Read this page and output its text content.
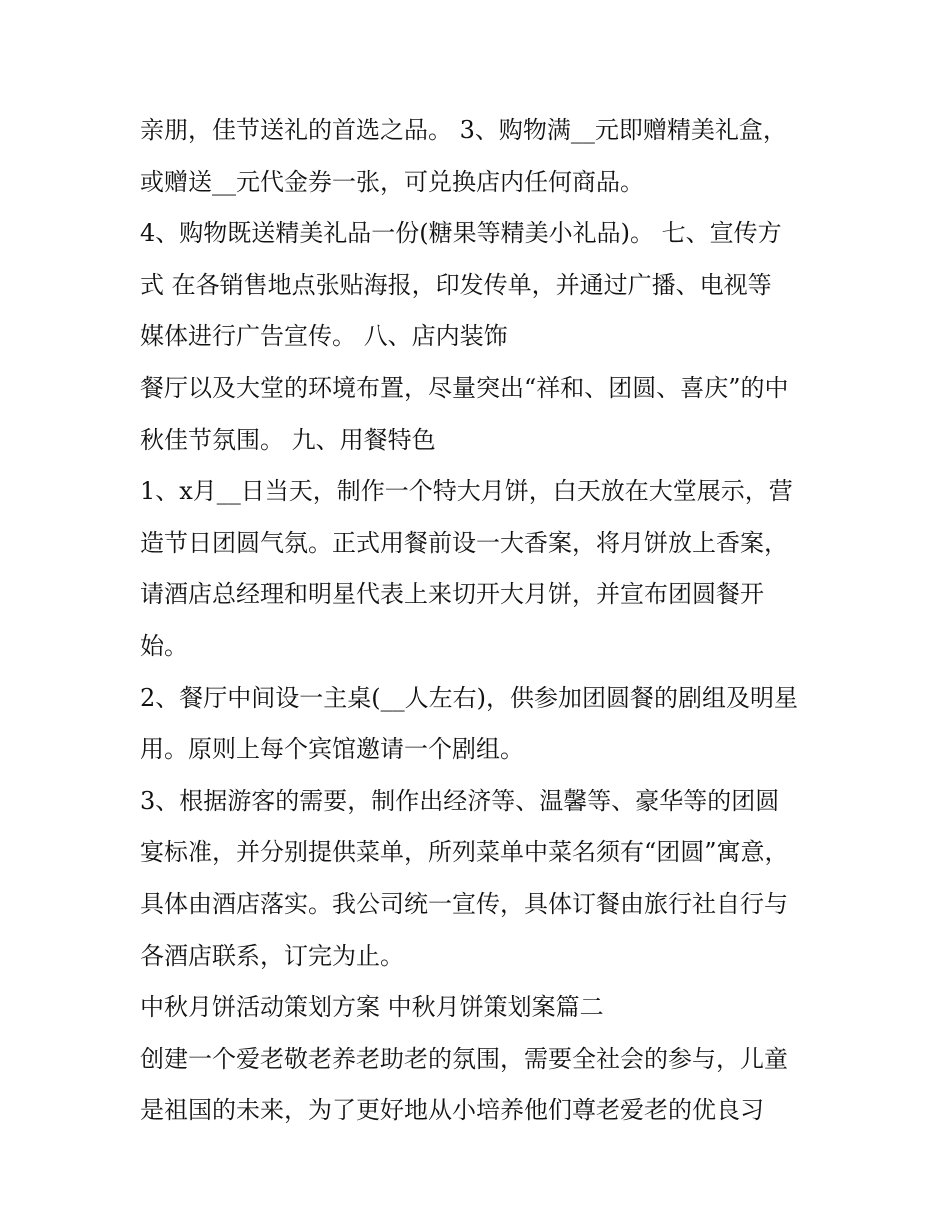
亲朋，佳节送礼的首选之品。 3、购物满__元即赠精美礼盒，
或赠送__元代金券一张，可兑换店内任何商品。
4、购物既送精美礼品一份(糖果等精美小礼品)。 七、宣传方
式 在各销售地点张贴海报，印发传单，并通过广播、电视等
媒体进行广告宣传。 八、店内装饰
餐厅以及大堂的环境布置，尽量突出“祥和、团圆、喜庆”的中
秋佳节氛围。 九、用餐特色
1、x月__日当天，制作一个特大月饼，白天放在大堂展示，营
造节日团圆气氛。正式用餐前设一大香案，将月饼放上香案，
请酒店总经理和明星代表上来切开大月饼，并宣布团圆餐开
始。
2、餐厅中间设一主桌(__人左右)，供参加团圆餐的剧组及明星
用。原则上每个宾馆邀请一个剧组。
3、根据游客的需要，制作出经济等、温馨等、豪华等的团圆
宴标准，并分别提供菜单，所列菜单中菜名须有“团圆”寓意，
具体由酒店落实。我公司统一宣传，具体订餐由旅行社自行与
各酒店联系，订完为止。
中秋月饼活动策划方案 中秋月饼策划案篇二
创建一个爱老敬老养老助老的氛围，需要全社会的参与，儿童
是祖国的未来，为了更好地从小培养他们尊老爱老的优良习
